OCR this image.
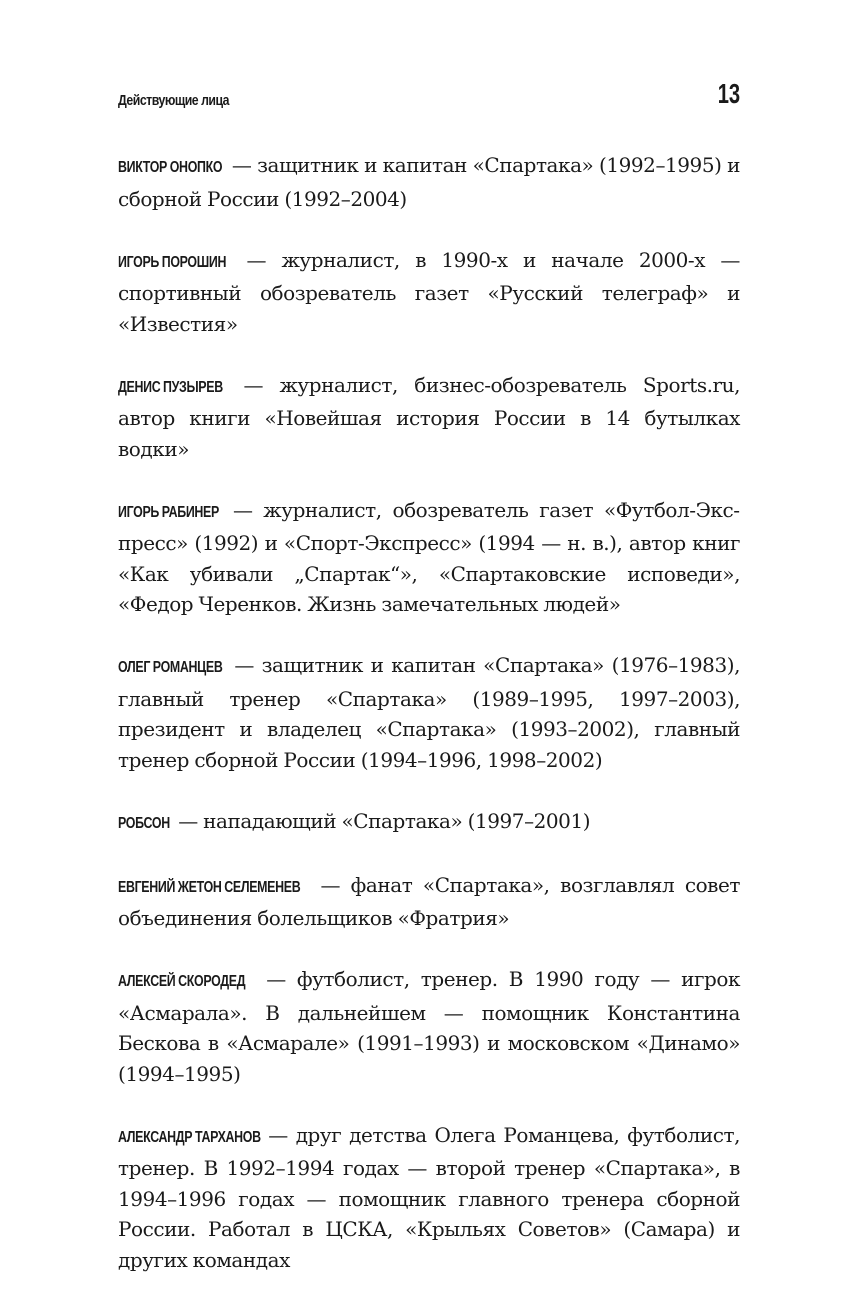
Действующие лица	13

ВИКТОР ОНОПКО — защитник и капитан «Спартака» (1992–1995) и сборной России (1992–2004)

ИГОРЬ ПОРОШИН — журналист, в 1990-х и начале 2000-х — спортивный обозреватель газет «Русский телеграф» и «Известия»

ДЕНИС ПУЗЫРЕВ — журналист, бизнес-обозреватель Sports.ru, автор книги «Новейшая история России в 14 бутылках водки»

ИГОРЬ РАБИНЕР — журналист, обозреватель газет «Футбол-Экспресс» (1992) и «Спорт-Экспресс» (1994 — н. в.), автор книг «Как убивали „Спартак“», «Спартаковские исповеди», «Федор Черенков. Жизнь замечательных людей»

ОЛЕГ РОМАНЦЕВ — защитник и капитан «Спартака» (1976–1983), главный тренер «Спартака» (1989–1995, 1997–2003), президент и владелец «Спартака» (1993–2002), главный тренер сборной России (1994–1996, 1998–2002)

РОБСОН — нападающий «Спартака» (1997–2001)

ЕВГЕНИЙ ЖЕТОН СЕЛЕМЕНЕВ — фанат «Спартака», возглавлял совет объединения болельщиков «Фратрия»

АЛЕКСЕЙ СКОРОДЕД — футболист, тренер. В 1990 году — игрок «Асмарала». В дальнейшем — помощник Константина Бескова в «Асмарале» (1991–1993) и московском «Динамо» (1994–1995)

АЛЕКСАНДР ТАРХАНОВ — друг детства Олега Романцева, футболист, тренер. В 1992–1994 годах — второй тренер «Спартака», в 1994–1996 годах — помощник главного тренера сборной России. Работал в ЦСКА, «Крыльях Советов» (Самара) и других командах
